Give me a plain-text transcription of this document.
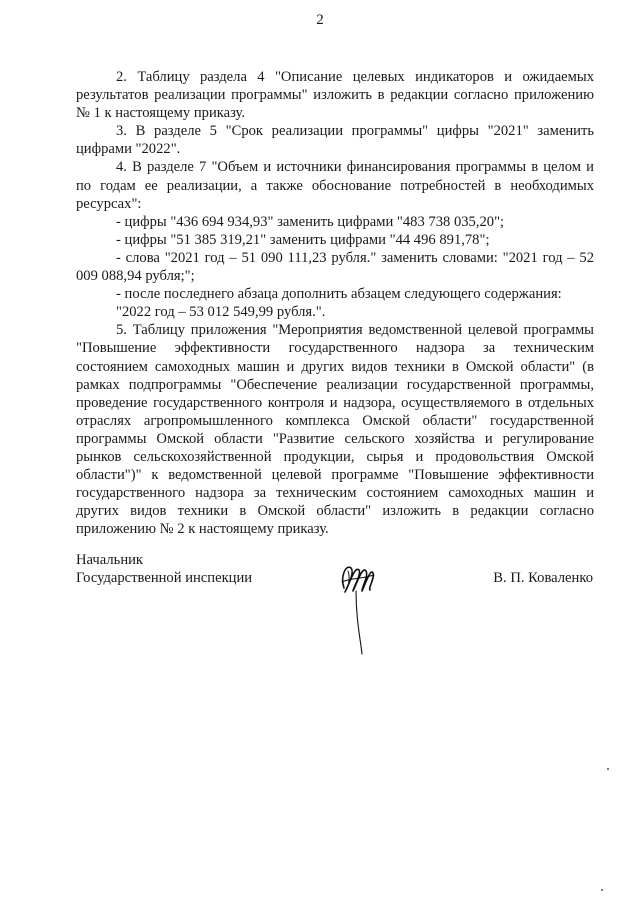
2

2. Таблицу раздела 4 "Описание целевых индикаторов и ожидаемых результатов реализации программы" изложить в редакции согласно приложению № 1 к настоящему приказу.

3. В разделе 5 "Срок реализации программы" цифры "2021" заменить цифрами "2022".

4. В разделе 7 "Объем и источники финансирования программы в целом и по годам ее реализации, а также обоснование потребностей в необходимых ресурсах":

- цифры "436 694 934,93" заменить цифрами "483 738 035,20";

- цифры "51 385 319,21" заменить цифрами "44 496 891,78";

- слова "2021 год – 51 090 111,23 рубля." заменить словами: "2021 год – 52 009 088,94 рубля;";

- после последнего абзаца дополнить абзацем следующего содержания:

"2022 год – 53 012 549,99 рубля.".

5. Таблицу приложения "Мероприятия ведомственной целевой программы "Повышение эффективности государственного надзора за техническим состоянием самоходных машин и других видов техники в Омской области" (в рамках подпрограммы "Обеспечение реализации государственной программы, проведение государственного контроля и надзора, осуществляемого в отдельных отраслях агропромышленного комплекса Омской области" государственной программы Омской области "Развитие сельского хозяйства и регулирование рынков сельскохозяйственной продукции, сырья и продовольствия Омской области")" к ведомственной целевой программе "Повышение эффективности государственного надзора за техническим состоянием самоходных машин и других видов техники в Омской области" изложить в редакции согласно приложению № 2 к настоящему приказу.

Начальник
Государственной инспекции	В. П. Коваленко
